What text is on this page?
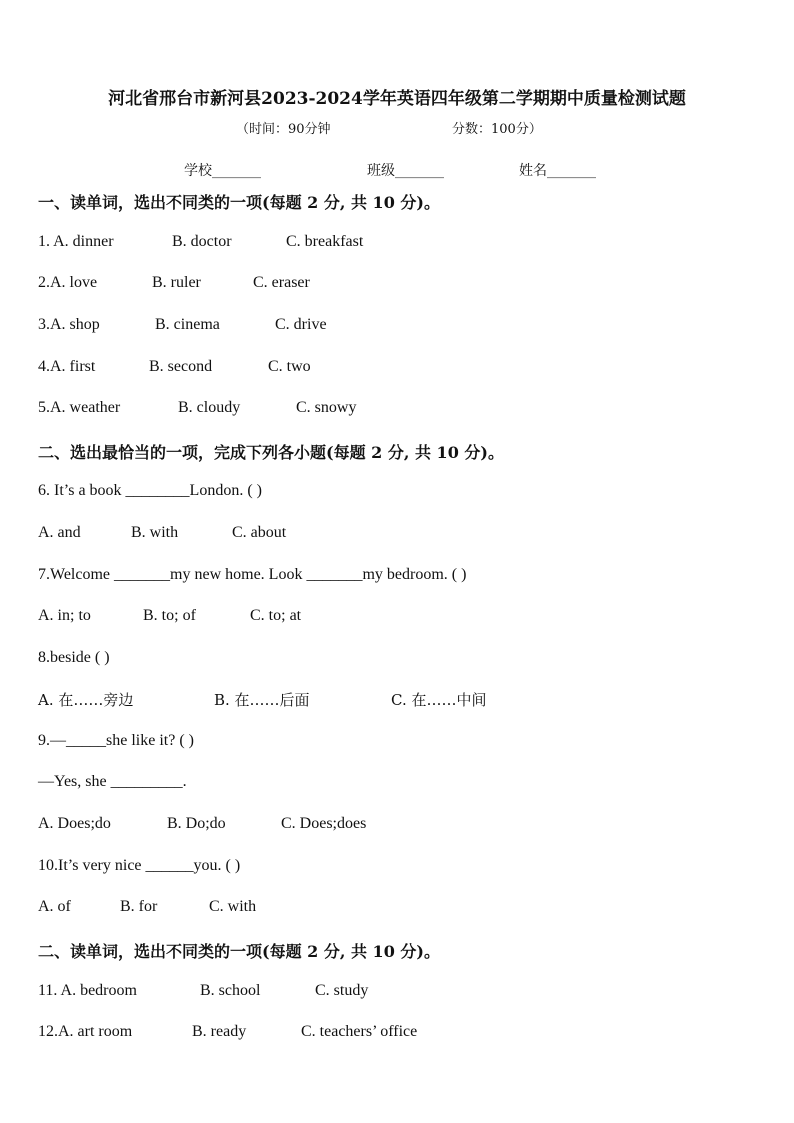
河北省邢台市新河县2023-2024学年英语四年级第二学期期中质量检测试题
（时间：90分钟	分数：100分）
学校_______	班级_______	姓名_______
一、读单词，选出不同类的一项(每题 2 分, 共 10 分)。
1. A. dinner	B. doctor	C. breakfast
2.A. love	B. ruler	C. eraser
3.A. shop	B. cinema	C. drive
4.A. first	B. second	C. two
5.A. weather	B. cloudy	C. snowy
二、选出最恰当的一项，完成下列各小题(每题 2 分, 共 10 分)。
6. It’s a book ________London. ( )
A. and	B. with	C. about
7.Welcome _______my new home. Look _______my bedroom. ( )
A. in; to	B. to; of	C. to; at
8.beside ( )
A. 在……旁边	B. 在……后面	C. 在……中间
9.—_____she like it? ( )
—Yes, she _________.
A. Does;do	B. Do;do	C. Does;does
10.It’s very nice ______you. ( )
A. of	B. for	C. with
二、读单词，选出不同类的一项(每题 2 分, 共 10 分)。
11. A. bedroom	B. school	C. study
12.A. art room	B. ready	C. teachers’ office
